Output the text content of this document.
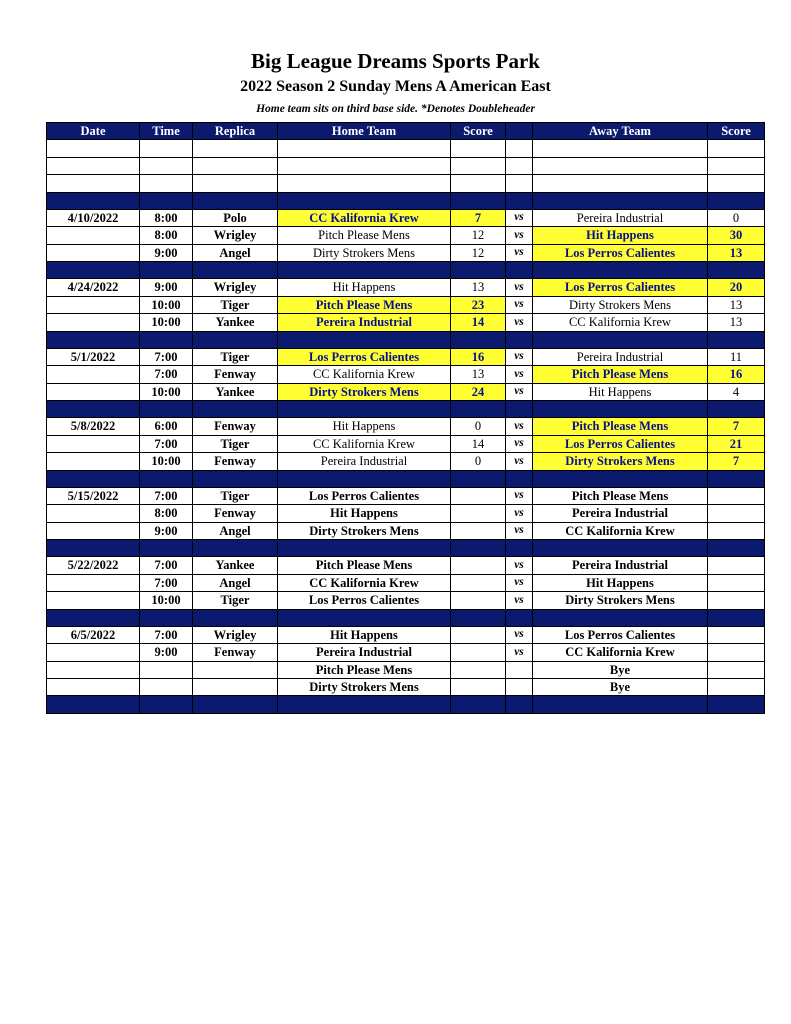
Big League Dreams Sports Park
2022 Season 2 Sunday Mens A American East
Home team sits on third base side. *Denotes Doubleheader
Date	Time	Replica	Home Team	Score		Away Team	Score

4/10/2022	8:00	Polo	CC Kalifornia Krew	7	vs	Pereira Industrial	0
	8:00	Wrigley	Pitch Please Mens	12	vs	Hit Happens	30
	9:00	Angel	Dirty Strokers Mens	12	vs	Los Perros Calientes	13

4/24/2022	9:00	Wrigley	Hit Happens	13	vs	Los Perros Calientes	20
	10:00	Tiger	Pitch Please Mens	23	vs	Dirty Strokers Mens	13
	10:00	Yankee	Pereira Industrial	14	vs	CC Kalifornia Krew	13

5/1/2022	7:00	Tiger	Los Perros Calientes	16	vs	Pereira Industrial	11
	7:00	Fenway	CC Kalifornia Krew	13	vs	Pitch Please Mens	16
	10:00	Yankee	Dirty Strokers Mens	24	vs	Hit Happens	4

5/8/2022	6:00	Fenway	Hit Happens	0	vs	Pitch Please Mens	7
	7:00	Tiger	CC Kalifornia Krew	14	vs	Los Perros Calientes	21
	10:00	Fenway	Pereira Industrial	0	vs	Dirty Strokers Mens	7

5/15/2022	7:00	Tiger	Los Perros Calientes		vs	Pitch Please Mens	
	8:00	Fenway	Hit Happens		vs	Pereira Industrial	
	9:00	Angel	Dirty Strokers Mens		vs	CC Kalifornia Krew	

5/22/2022	7:00	Yankee	Pitch Please Mens		vs	Pereira Industrial	
	7:00	Angel	CC Kalifornia Krew		vs	Hit Happens	
	10:00	Tiger	Los Perros Calientes		vs	Dirty Strokers Mens	

6/5/2022	7:00	Wrigley	Hit Happens		vs	Los Perros Calientes	
	9:00	Fenway	Pereira Industrial		vs	CC Kalifornia Krew	
			Pitch Please Mens			Bye	
			Dirty Strokers Mens			Bye	
